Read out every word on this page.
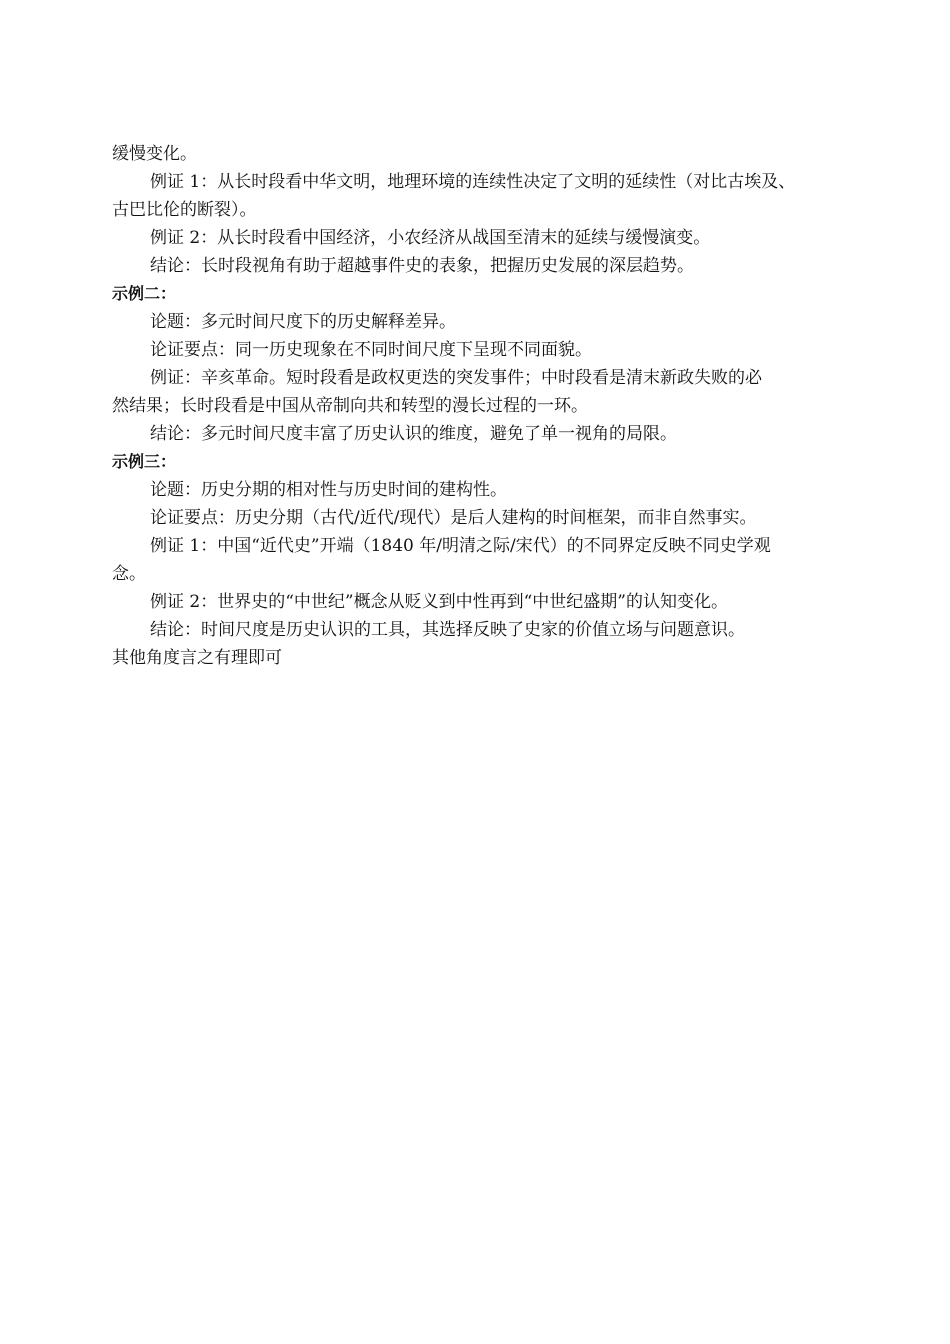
缓慢变化。
例证 1：从长时段看中华文明，地理环境的连续性决定了文明的延续性（对比古埃及、
古巴比伦的断裂）。
例证 2：从长时段看中国经济，小农经济从战国至清末的延续与缓慢演变。
结论：长时段视角有助于超越事件史的表象，把握历史发展的深层趋势。
示例二：
论题：多元时间尺度下的历史解释差异。
论证要点：同一历史现象在不同时间尺度下呈现不同面貌。
例证：辛亥革命。短时段看是政权更迭的突发事件；中时段看是清末新政失败的必
然结果；长时段看是中国从帝制向共和转型的漫长过程的一环。
结论：多元时间尺度丰富了历史认识的维度，避免了单一视角的局限。
示例三：
论题：历史分期的相对性与历史时间的建构性。
论证要点：历史分期（古代/近代/现代）是后人建构的时间框架，而非自然事实。
例证 1：中国“近代史”开端（1840 年/明清之际/宋代）的不同界定反映不同史学观
念。
例证 2：世界史的“中世纪”概念从贬义到中性再到“中世纪盛期”的认知变化。
结论：时间尺度是历史认识的工具，其选择反映了史家的价值立场与问题意识。
其他角度言之有理即可
